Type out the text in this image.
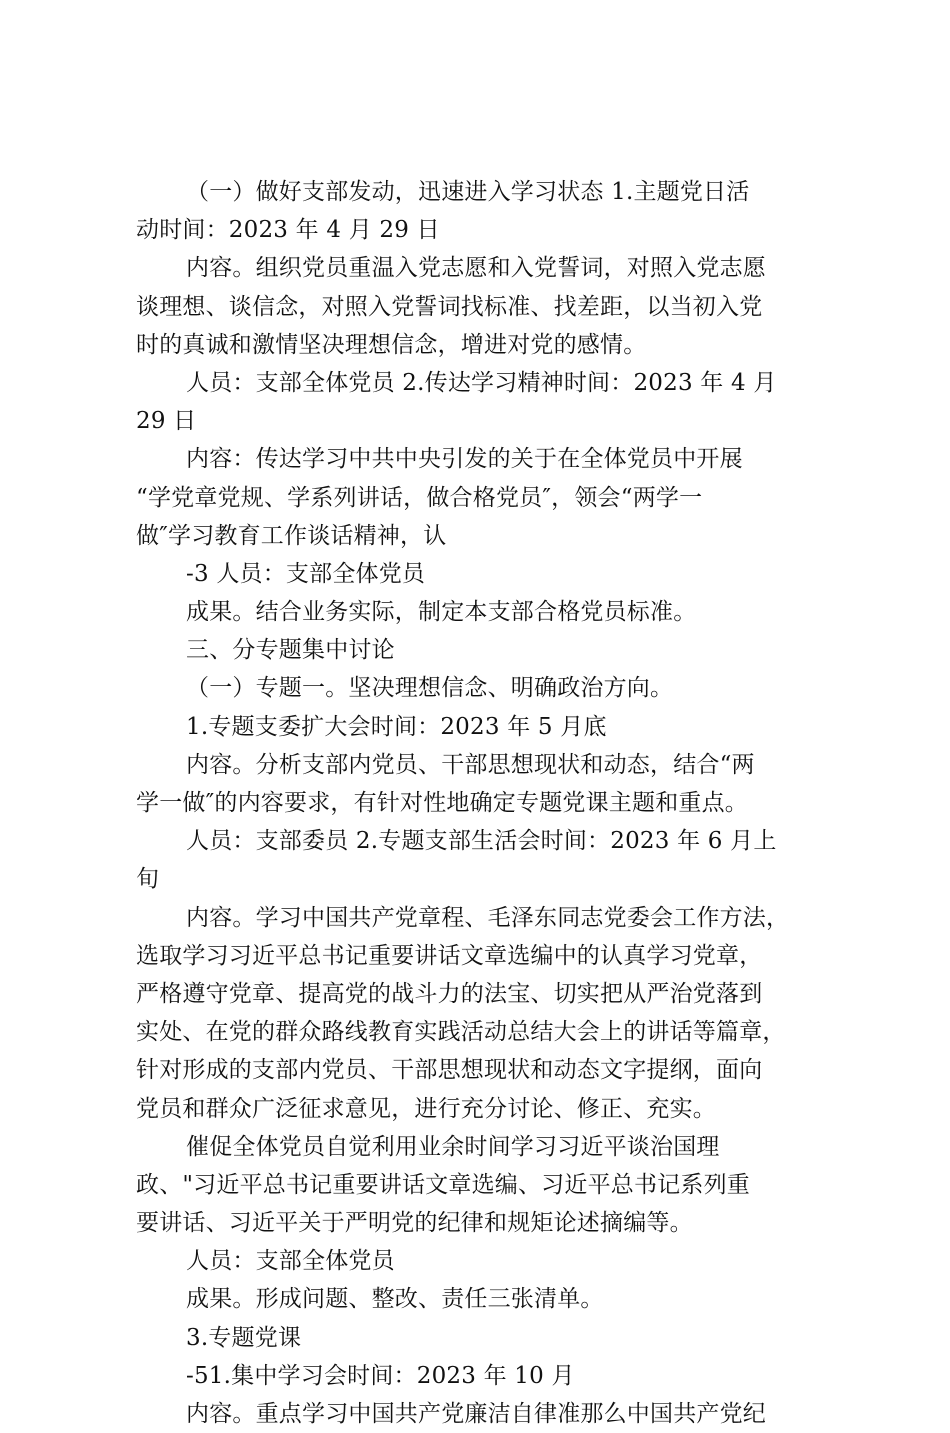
（一）做好支部发动，迅速进入学习状态 1.主题党日活
动时间：2023 年 4 月 29 日
内容。组织党员重温入党志愿和入党誓词，对照入党志愿
谈理想、谈信念，对照入党誓词找标准、找差距，以当初入党
时的真诚和激情坚决理想信念，增进对党的感情。
人员：支部全体党员 2.传达学习精神时间：2023 年 4 月
29 日
内容：传达学习中共中央引发的关于在全体党员中开展
“学党章党规、学系列讲话，做合格党员″，领会“两学一
做″学习教育工作谈话精神，认
-3 人员：支部全体党员
成果。结合业务实际，制定本支部合格党员标准。
三、分专题集中讨论
（一）专题一。坚决理想信念、明确政治方向。
1.专题支委扩大会时间：2023 年 5 月底
内容。分析支部内党员、干部思想现状和动态，结合“两
学一做″的内容要求，有针对性地确定专题党课主题和重点。
人员：支部委员 2.专题支部生活会时间：2023 年 6 月上
旬
内容。学习中国共产党章程、毛泽东同志党委会工作方法，
选取学习习近平总书记重要讲话文章选编中的认真学习党章，
严格遵守党章、提高党的战斗力的法宝、切实把从严治党落到
实处、在党的群众路线教育实践活动总结大会上的讲话等篇章，
针对形成的支部内党员、干部思想现状和动态文字提纲，面向
党员和群众广泛征求意见，进行充分讨论、修正、充实。
催促全体党员自觉利用业余时间学习习近平谈治国理
政、"习近平总书记重要讲话文章选编、习近平总书记系列重
要讲话、习近平关于严明党的纪律和规矩论述摘编等。
人员：支部全体党员
成果。形成问题、整改、责任三张清单。
3.专题党课
-51.集中学习会时间：2023 年 10 月
内容。重点学习中国共产党廉洁自律准那么中国共产党纪
